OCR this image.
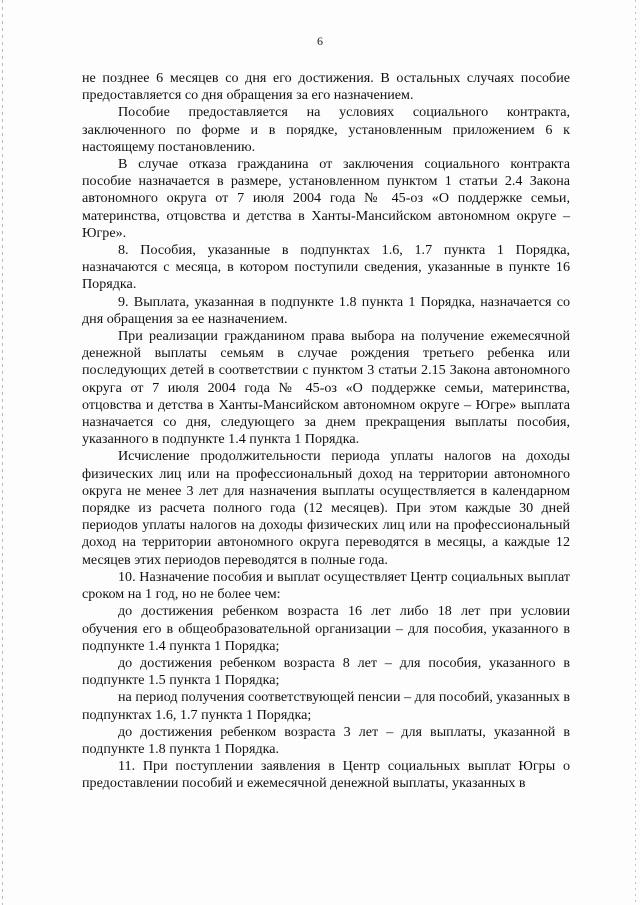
6

не позднее 6 месяцев со дня его достижения. В остальных случаях пособие предоставляется со дня обращения за его назначением.

Пособие предоставляется на условиях социального контракта, заключенного по форме и в порядке, установленным приложением 6 к настоящему постановлению.

В случае отказа гражданина от заключения социального контракта пособие назначается в размере, установленном пунктом 1 статьи 2.4 Закона автономного округа от 7 июля 2004 года № 45-оз «О поддержке семьи, материнства, отцовства и детства в Ханты-Мансийском автономном округе – Югре».

8. Пособия, указанные в подпунктах 1.6, 1.7 пункта 1 Порядка, назначаются с месяца, в котором поступили сведения, указанные в пункте 16 Порядка.

9. Выплата, указанная в подпункте 1.8 пункта 1 Порядка, назначается со дня обращения за ее назначением.

При реализации гражданином права выбора на получение ежемесячной денежной выплаты семьям в случае рождения третьего ребенка или последующих детей в соответствии с пунктом 3 статьи 2.15 Закона автономного округа от 7 июля 2004 года № 45-оз «О поддержке семьи, материнства, отцовства и детства в Ханты-Мансийском автономном округе – Югре» выплата назначается со дня, следующего за днем прекращения выплаты пособия, указанного в подпункте 1.4 пункта 1 Порядка.

Исчисление продолжительности периода уплаты налогов на доходы физических лиц или на профессиональный доход на территории автономного округа не менее 3 лет для назначения выплаты осуществляется в календарном порядке из расчета полного года (12 месяцев). При этом каждые 30 дней периодов уплаты налогов на доходы физических лиц или на профессиональный доход на территории автономного округа переводятся в месяцы, а каждые 12 месяцев этих периодов переводятся в полные года.

10. Назначение пособия и выплат осуществляет Центр социальных выплат сроком на 1 год, но не более чем:

до достижения ребенком возраста 16 лет либо 18 лет при условии обучения его в общеобразовательной организации – для пособия, указанного в подпункте 1.4 пункта 1 Порядка;

до достижения ребенком возраста 8 лет – для пособия, указанного в подпункте 1.5 пункта 1 Порядка;

на период получения соответствующей пенсии – для пособий, указанных в подпунктах 1.6, 1.7 пункта 1 Порядка;

до достижения ребенком возраста 3 лет – для выплаты, указанной в подпункте 1.8 пункта 1 Порядка.

11. При поступлении заявления в Центр социальных выплат Югры о предоставлении пособий и ежемесячной денежной выплаты, указанных в
